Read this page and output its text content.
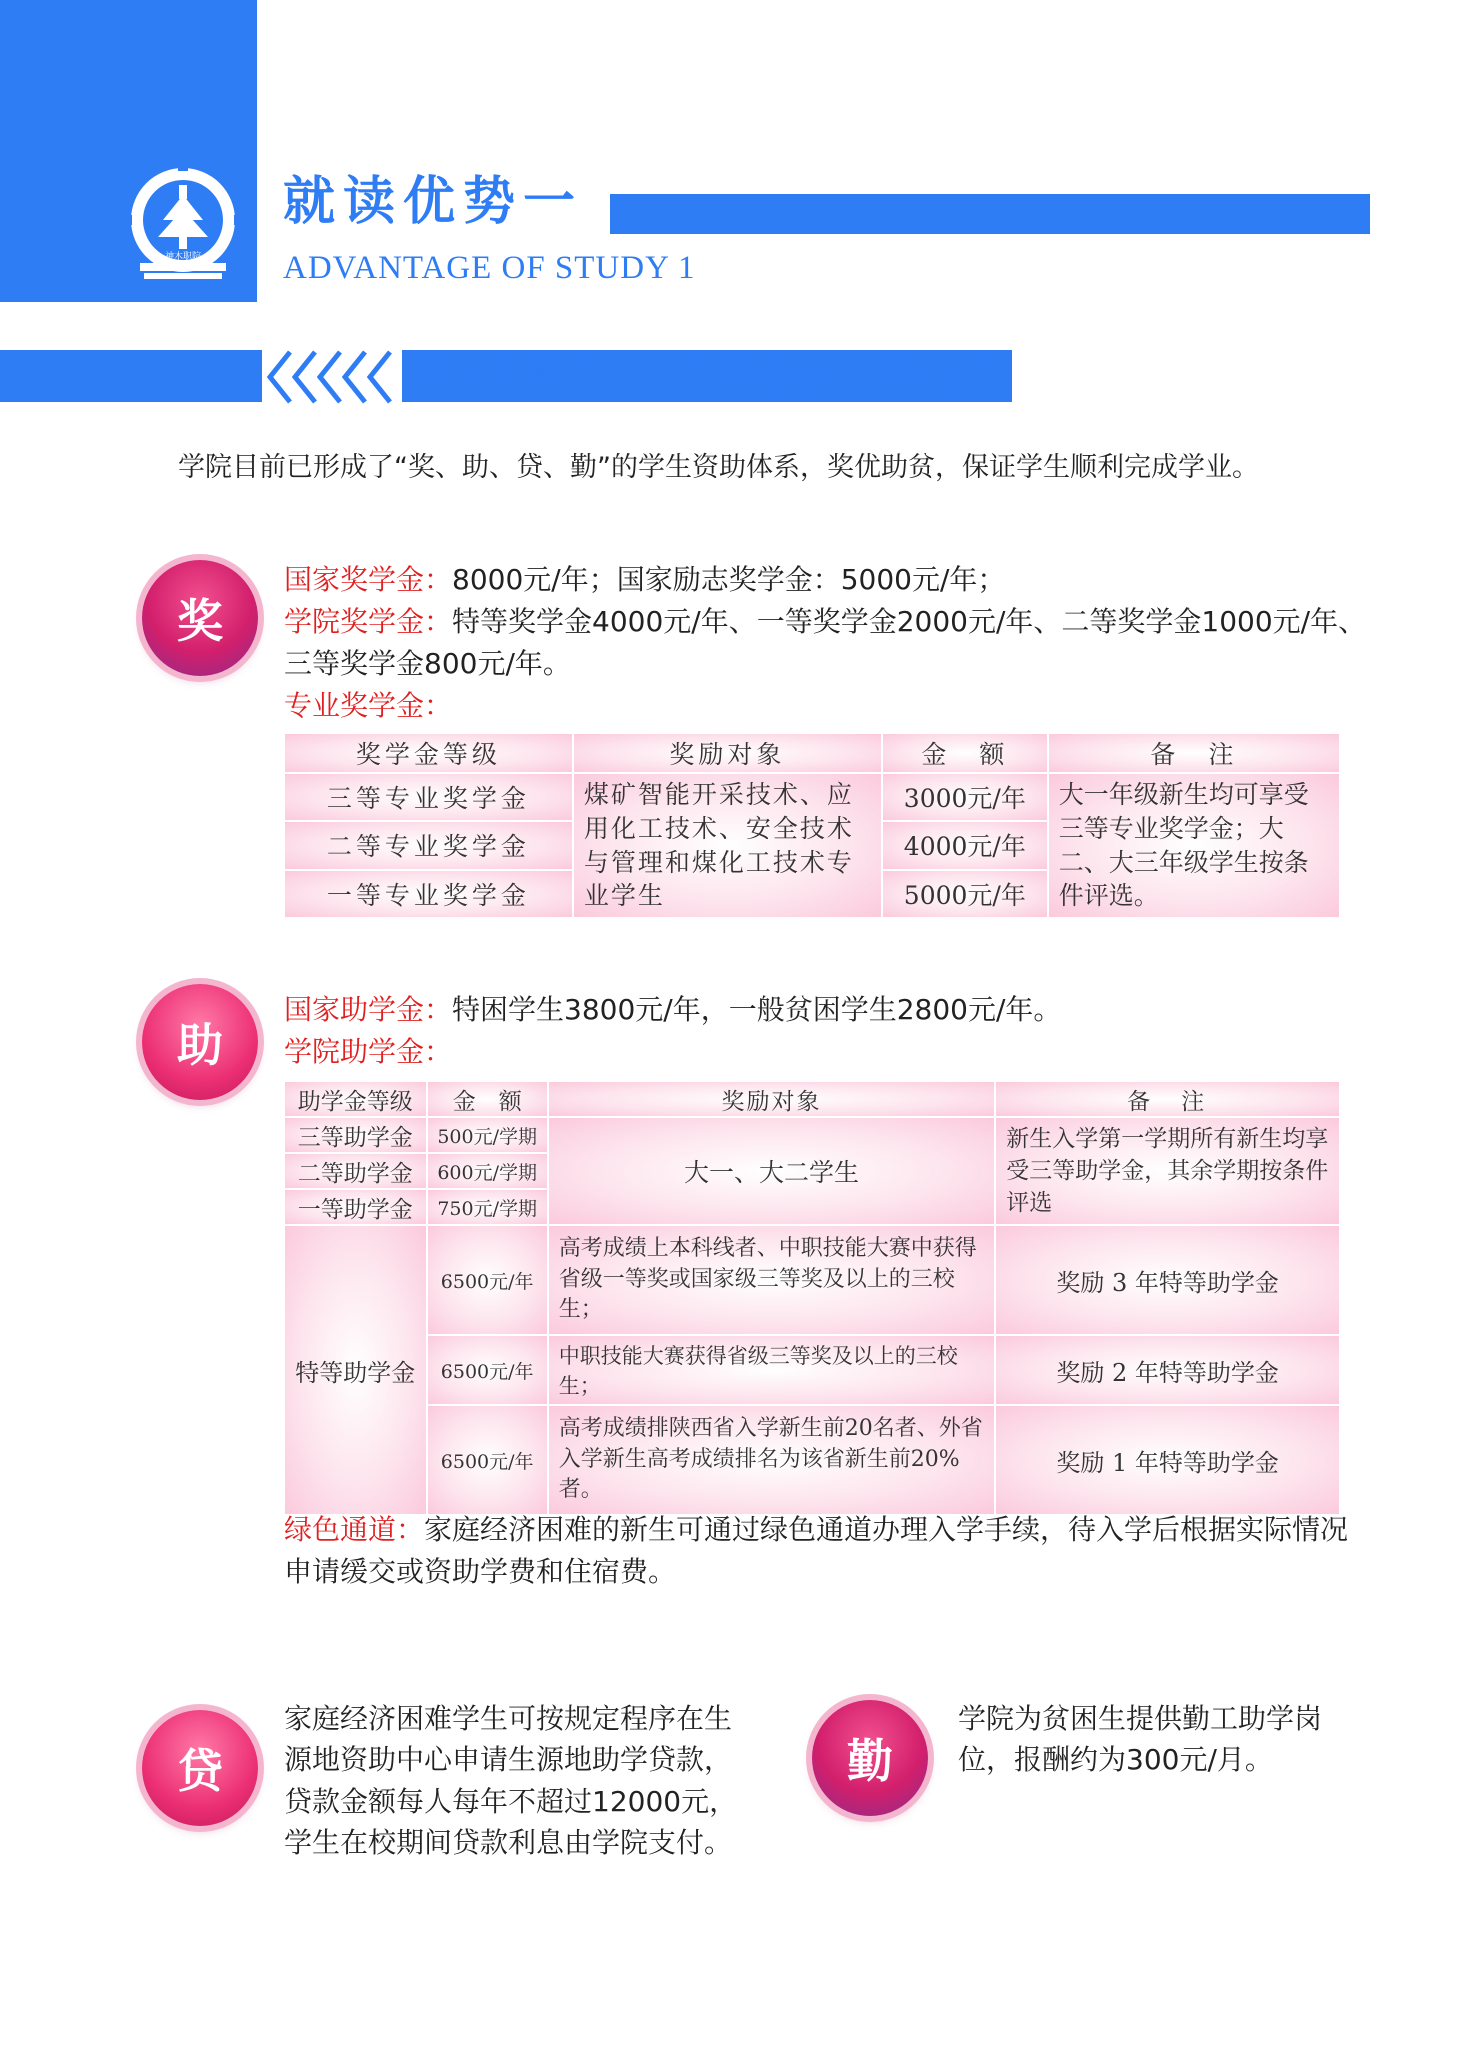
神木职院
就读优势一
ADVANTAGE OF STUDY 1
奖助政策多——多措并举 入学无忧
学院目前已形成了“奖、助、贷、勤”的学生资助体系，奖优助贫，保证学生顺利完成学业。
奖
国家奖学金：8000元/年；国家励志奖学金：5000元/年；
学院奖学金：特等奖学金4000元/年、一等奖学金2000元/年、二等奖学金1000元/年、
三等奖学金800元/年。
专业奖学金：
奖学金等级	奖励对象	金　额	备　注
三等专业奖学金	煤矿智能开采技术、应用化工技术、安全技术与管理和煤化工技术专业学生	3000元/年	大一年级新生均可享受三等专业奖学金；大二、大三年级学生按条件评选。
二等专业奖学金		4000元/年	
一等专业奖学金		5000元/年	
助
国家助学金：特困学生3800元/年，一般贫困学生2800元/年。
学院助学金：
助学金等级	金　额	奖励对象	备　注
三等助学金	500元/学期	大一、大二学生	新生入学第一学期所有新生均享受三等助学金，其余学期按条件评选
二等助学金	600元/学期		
一等助学金	750元/学期		
特等助学金	6500元/年	高考成绩上本科线者、中职技能大赛中获得省级一等奖或国家级三等奖及以上的三校生；	奖励 3 年特等助学金
	6500元/年	中职技能大赛获得省级三等奖及以上的三校生；	奖励 2 年特等助学金
	6500元/年	高考成绩排陕西省入学新生前20名者、外省入学新生高考成绩排名为该省新生前20%者。	奖励 1 年特等助学金
绿色通道：家庭经济困难的新生可通过绿色通道办理入学手续，待入学后根据实际情况
申请缓交或资助学费和住宿费。
贷
家庭经济困难学生可按规定程序在生
源地资助中心申请生源地助学贷款，
贷款金额每人每年不超过12000元，
学生在校期间贷款利息由学院支付。
勤
学院为贫困生提供勤工助学岗
位，报酬约为300元/月。
